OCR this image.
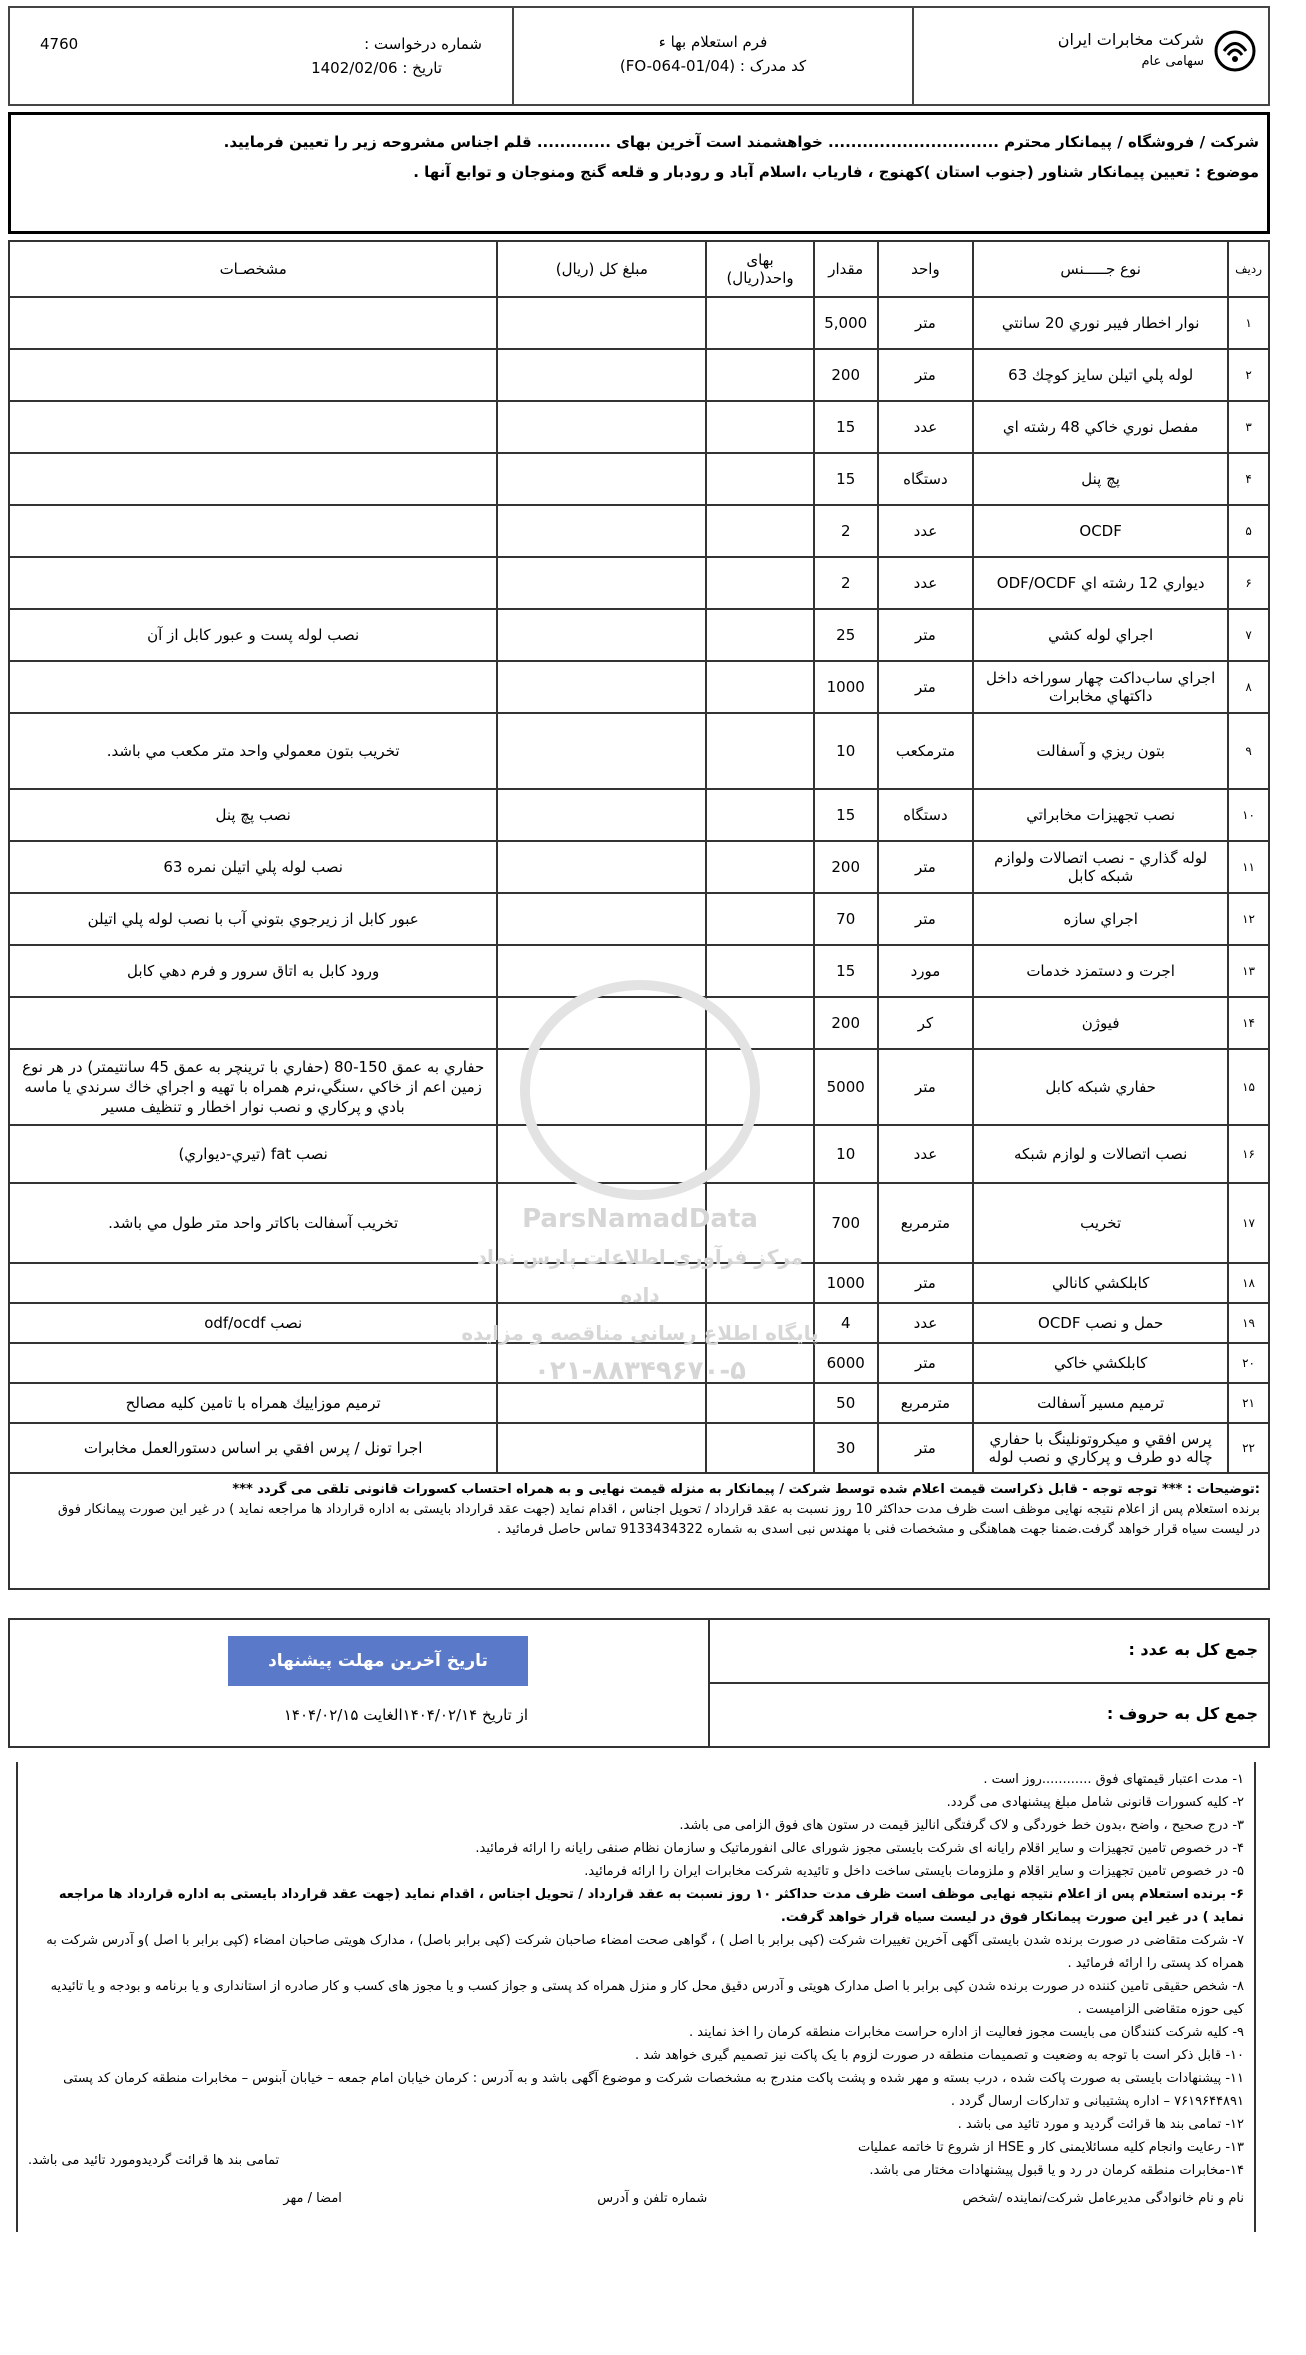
شرکت مخابرات ایران
سهامی عام
فرم استعلام بها ء
کد مدرک : (FO-064-01/04)
شماره درخواست :
4760
تاریخ : 1402/02/06
شرکت / فروشگاه / پیمانکار محترم .............................. خواهشمند است آخرین بهای ............. قلم اجناس مشروحه زیر را تعیین فرمایید.
موضوع : تعیین پیمانکار شناور (جنوب استان )کهنوج ، فاریاب ،اسلام آباد و رودبار و قلعه گنج ومنوجان و توابع آنها .
ردیف	نوع جـــــنس	واحد	مقدار	بهای واحد(ریال)	مبلغ کل (ریال)	مشخصـات
۱	نوار اخطار فیبر نوري 20 سانتي	متر	5,000			
۲	لوله پلي اتيلن سايز كوچك 63	متر	200			
۳	مفصل نوري خاكي 48 رشته اي	عدد	15			
۴	پچ پنل	دستگاه	15			
۵	OCDF	عدد	2			
۶	ديواري 12 رشته اي ODF/OCDF	عدد	2			
۷	اجراي لوله كشي	متر	25			نصب لوله پست و عبور كابل از آن
۸	اجراي ساب‌داكت چهار سوراخه داخل داكتهاي مخابرات	متر	1000			
۹	بتون ريزي و آسفالت	مترمکعب	10			تخريب بتون معمولي واحد متر مكعب مي باشد.
۱۰	نصب تجهيزات مخابراتي	دستگاه	15			نصب پچ پنل
۱۱	لوله گذاري - نصب اتصالات ولوازم شبكه كابل	متر	200			نصب لوله پلي اتيلن نمره 63
۱۲	اجراي سازه	متر	70			عبور كابل از زيرجوي بتوني آب با نصب لوله پلي اتيلن
۱۳	اجرت و دستمزد خدمات	مورد	15			ورود كابل به اتاق سرور و فرم دهي كابل
۱۴	فيوژن	کر	200			
۱۵	حفاري شبكه كابل	متر	5000			حفاري به عمق 150-80 (حفاري با ترينچر به عمق 45 سانتيمتر) در هر نوع زمين اعم از خاكي ،سنگي،نرم همراه با تهيه و اجراي خاك سرندي يا ماسه بادي و پركاري و نصب نوار اخطار و تنظيف مسير
۱۶	نصب اتصالات و لوازم شبكه	عدد	10			نصب fat (تيري-ديواري)
۱۷	تخريب	مترمربع	700			تخريب آسفالت باكاتر واحد متر طول مي باشد.
۱۸	كابلكشي كانالي	متر	1000			
۱۹	حمل و نصب OCDF	عدد	4			نصب odf/ocdf
۲۰	كابلكشي خاكي	متر	6000			
۲۱	ترميم مسير آسفالت	مترمربع	50			ترميم موزاييك همراه با تامين كليه مصالح
۲۲	پرس افقي و ميكروتونلينگ با حفاري چاله دو طرف و پركاري و نصب لوله	متر	30			اجرا تونل / پرس افقي بر اساس دستورالعمل مخابرات
:توضیحات : *** توجه توجه - قابل ذکراست قیمت اعلام شده توسط شرکت / پیمانکار به منزله قیمت نهایی و به همراه احتساب کسورات قانونی تلقی می گردد ***
برنده استعلام پس از اعلام نتیجه نهایی موظف است ظرف مدت حداکثر 10 روز نسبت به عقد قرارداد / تحویل اجناس ، اقدام نماید (جهت عقد قرارداد بایستی به اداره قرارداد ها مراجعه نماید ) در غیر این صورت پیمانکار فوق
در لیست سیاه قرار خواهد گرفت.ضمنا جهت هماهنگی و مشخصات فنی با مهندس نبی اسدی به شماره 9133434322 تماس حاصل فرمائید .
جمع کل به عدد :
جمع کل به حروف :
تاریخ آخرین مهلت پیشنهاد
از تاریخ ۱۴۰۴/۰۲/۱۴الغایت ۱۴۰۴/۰۲/۱۵

۱- مدت اعتبار قیمتهای فوق ............روز است .

۲- کلیه کسورات قانونی شامل مبلغ پیشنهادی می گردد.

۳- درج صحیح ، واضح ،بدون خط خوردگی و لاک گرفتگی انالیز قیمت در ستون های فوق الزامی می باشد.

۴- در خصوص تامین تجهیزات و سایر اقلام رایانه ای شرکت بایستی مجوز شورای عالی انفورماتیک و سازمان نظام صنفی رایانه را ارائه فرمائید.

۵- در خصوص تامین تجهیزات و سایر اقلام و ملزومات بایستی ساخت داخل و تائیدیه شرکت مخابرات ایران را ارائه فرمائید.

۶- برنده استعلام پس از اعلام نتیجه نهایی موظف است ظرف مدت حداکثر ۱۰ روز نسبت به عقد قرارداد / تحویل اجناس ، اقدام نماید (جهت عقد قرارداد بایستی به اداره قرارداد ها مراجعه نماید ) در غیر این صورت پیمانکار فوق در لیست سیاه قرار خواهد گرفت.

۷- شرکت متقاضی در صورت برنده شدن بایستی آگهی آخرین تغییرات شرکت (کپی برابر با اصل ) ، گواهی صحت امضاء صاحبان شرکت (کپی برابر باصل) ، مدارک هویتی صاحبان امضاء (کپی برابر با اصل )و آدرس شرکت به همراه کد پستی را ارائه فرمائید .

۸- شخص حقیقی تامین کننده در صورت برنده شدن کپی برابر با اصل مدارک هویتی و آدرس دقیق محل کار و منزل همراه کد پستی و جواز کسب و یا مجوز های کسب و کار صادره از استانداری و یا برنامه و بودجه و یا تائیدیه کیی حوزه متقاضی الزامیست .

۹- کلیه شرکت کنندگان می بایست مجوز فعالیت از اداره حراست مخابرات منطقه کرمان را اخذ نمایند .

۱۰- قابل ذکر است با توجه به وضعیت و تصمیمات منطقه در صورت لزوم با یک پاکت نیز تصمیم گیری خواهد شد .

۱۱- پیشنهادات بایستی به صورت پاکت شده ، درب بسته و مهر شده و پشت پاکت مندرج به مشخصات شرکت و موضوع آگهی باشد و به آدرس : کرمان خیابان امام جمعه – خیابان آبنوس – مخابرات منطقه کرمان کد پستی ۷۶۱۹۶۴۴۸۹۱ – اداره پشتیبانی و تدارکات ارسال گردد .

۱۲- تمامی بند ها قرائت گردید و مورد تائید می باشد .

۱۳- رعایت وانجام کلیه مسائلایمنی کار و HSE از شروع تا خاتمه عملیات

۱۴-مخابرات منطقه کرمان در رد و یا قبول پیشنهادات مختار می باشد.

تمامی بند ها قرائت گردیدومورد تائید می باشد.
نام و نام خانوادگی مدیرعامل شرکت/نماینده /شخص
شماره تلفن و آدرس
امضا / مهر
ParsNamadData
مرکز فرآوری اطلاعات پارس نماد داده
پایگاه اطلاع رسانی مناقصه و مزایده
۰۲۱-۸۸۳۴۹۶۷۰-۵
